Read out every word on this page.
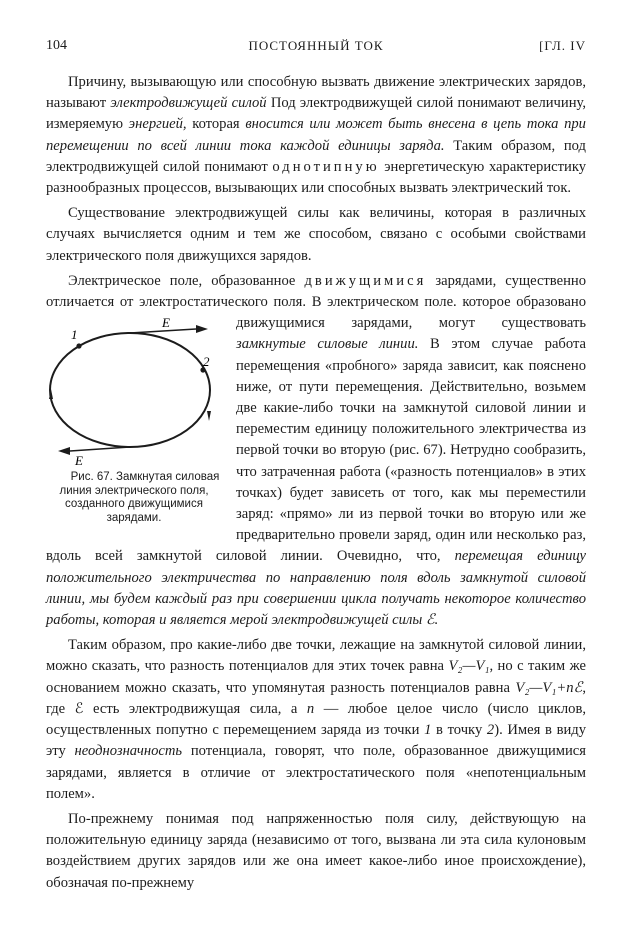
104	ПОСТОЯННЫЙ ТОК	[ГЛ. IV

Причину, вызывающую или способную вызвать движение электрических зарядов, называют электродвижущей силой Под электродвижущей силой понимают величину, измеряемую энергией, которая вносится или может быть внесена в цепь тока при перемещении по всей линии тока каждой единицы заряда. Таким образом, под электродвижущей силой понимают однотипную энергетическую характеристику разнообразных процессов, вызывающих или способных вызвать электрический ток.

Существование электродвижущей силы как величины, которая в различных случаях вычисляется одним и тем же способом, связано с особыми свойствами электрического поля движущихся зарядов.

Электрическое поле, образованное движущимися зарядами, существенно отличается от электростатического поля. В электрическом поле. которое образовано движущимися зарядами, могут существовать
1
2
E
E
Рис. 67. Замкнутая силовая линия электрического поля, созданного движущимися зарядами.
замкнутые силовые линии. В этом случае работа перемещения «пробного» заряда зависит, как пояснено ниже, от пути перемещения. Действительно, возьмем две какие-либо точки на замкнутой силовой линии и переместим единицу положительного электричества из первой точки во вторую (рис. 67). Нетрудно сообразить, что затраченная работа («разность потенциалов» в этих точках) будет зависеть от того, как мы переместили заряд: «прямо» ли из первой точки во вторую или же предварительно провели заряд, один или несколько раз, вдоль всей замкнутой силовой линии. Очевидно, что, перемещая единицу положительного электричества по направлению поля вдоль замкнутой силовой линии, мы будем каждый раз при совершении цикла получать некоторое количество работы, которая и является мерой электродвижущей силы ℰ.

Таким образом, про какие-либо две точки, лежащие на замкнутой силовой линии, можно сказать, что разность потенциалов для этих точек равна V₂—V₁, но с таким же основанием можно сказать, что упомянутая разность потенциалов равна V₂—V₁+nℰ, где ℰ есть электродвижущая сила, а n — любое целое число (число циклов, осуществленных попутно с перемещением заряда из точки 1 в точку 2). Имея в виду эту неоднозначность потенциала, говорят, что поле, образованное движущимися зарядами, является в отличие от электростатического поля «непотенциальным полем».

По-прежнему понимая под напряженностью поля силу, действующую на положительную единицу заряда (независимо от того, вызвана ли эта сила кулоновым воздействием других зарядов или же она имеет какое-либо иное происхождение), обозначая по-прежнему
